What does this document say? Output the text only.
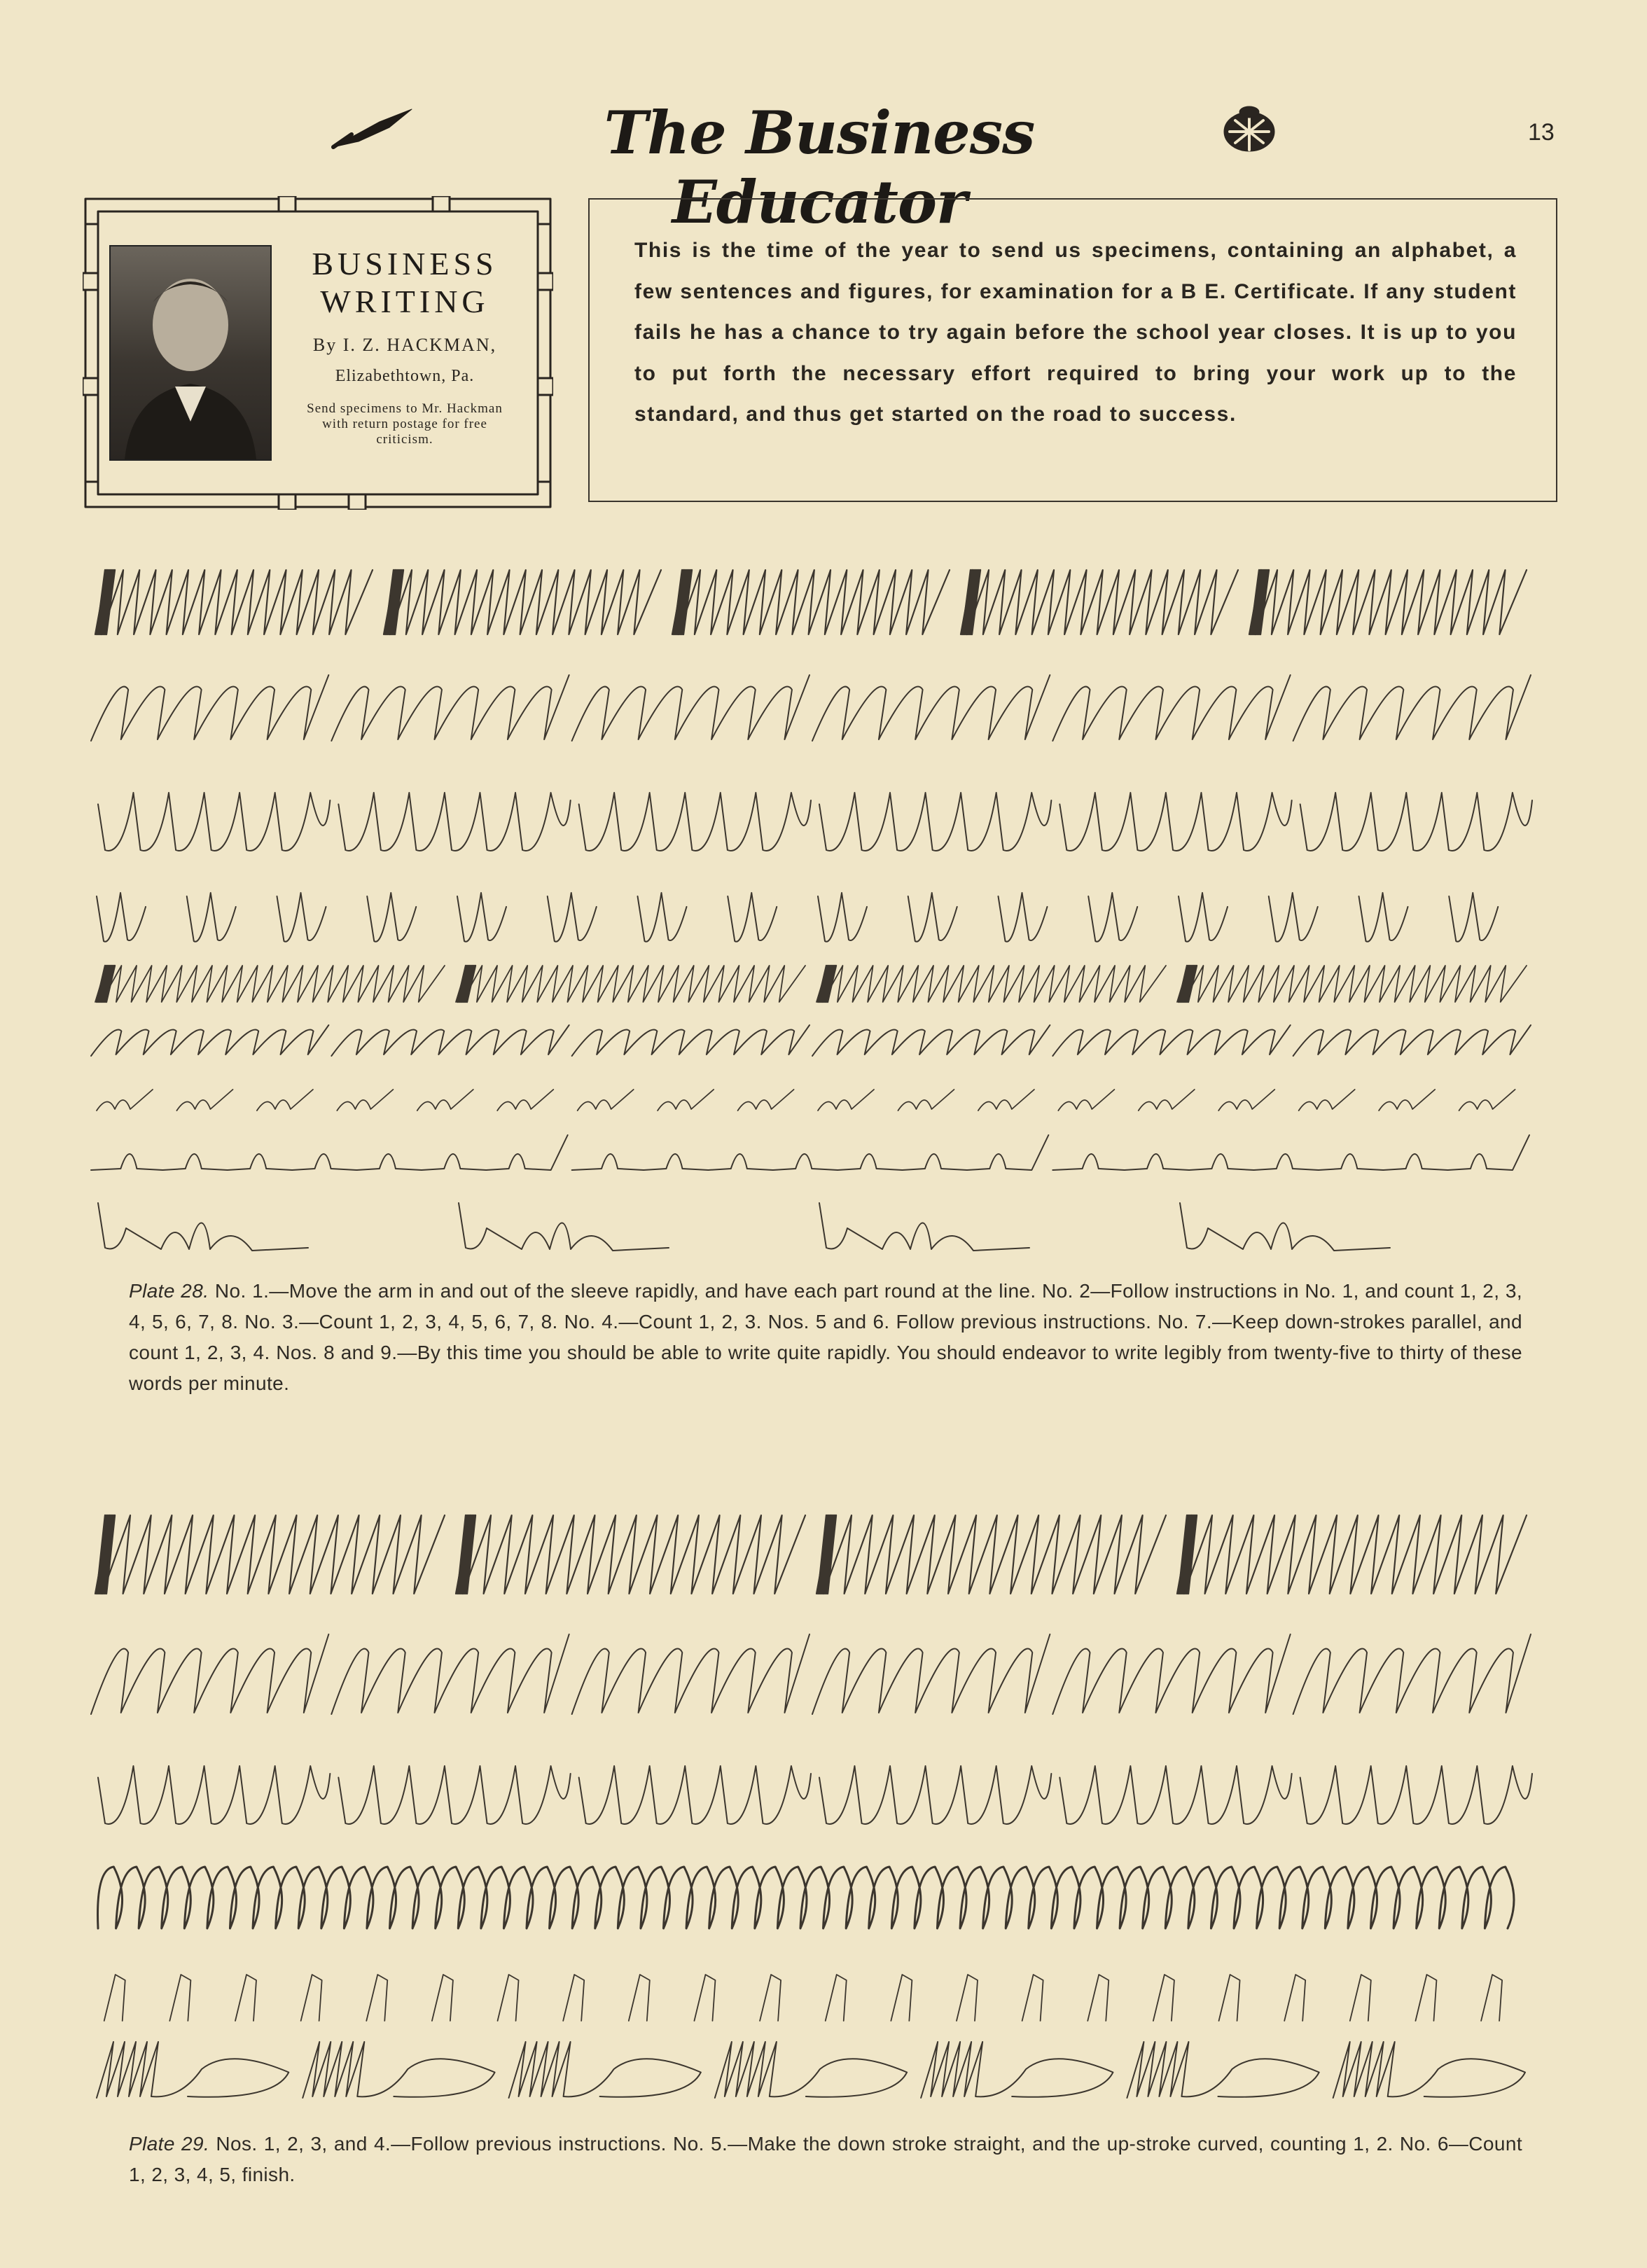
The Business Educator
13
BUSINESS
WRITING
By I. Z. HACKMAN,
Elizabethtown, Pa.
Send specimens to Mr. Hackman with return postage for free criticism.
This is the time of the year to send us specimens, containing an alphabet, a few sentences and figures, for examination for a B E. Certificate. If any student fails he has a chance to try again before the school year closes. It is up to you to put forth the necessary effort required to bring your work up to the standard, and thus get started on the road to success.
Plate 28. No. 1.—Move the arm in and out of the sleeve rapidly, and have each part round at the line. No. 2—Follow instructions in No. 1, and count 1, 2, 3, 4, 5, 6, 7, 8. No. 3.—Count 1, 2, 3, 4, 5, 6, 7, 8. No. 4.—Count 1, 2, 3. Nos. 5 and 6. Follow previous instructions. No. 7.—Keep down-strokes parallel, and count 1, 2, 3, 4. Nos. 8 and 9.—By this time you should be able to write quite rapidly. You should endeavor to write legibly from twenty-five to thirty of these words per minute.
Plate 29. Nos. 1, 2, 3, and 4.—Follow previous instructions. No. 5.—Make the down stroke straight, and the up-stroke curved, counting 1, 2. No. 6—Count 1, 2, 3, 4, 5, finish.
